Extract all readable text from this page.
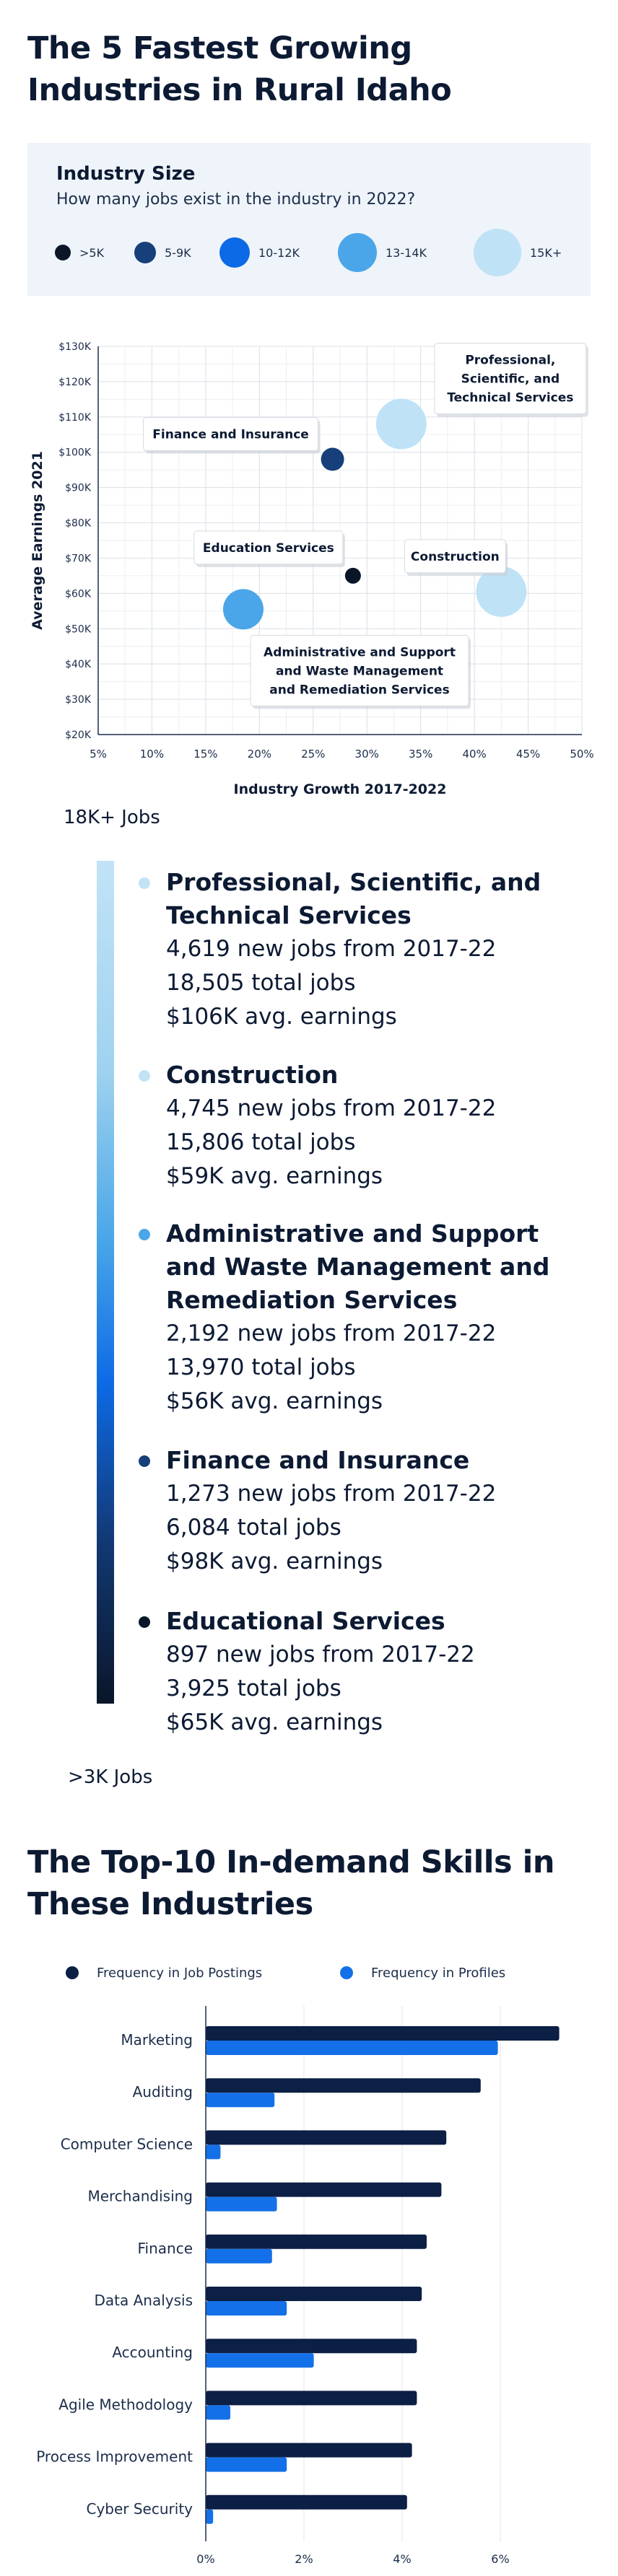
The 5 Fastest Growing
Industries in Rural Idaho
Industry Size
How many jobs exist in the industry in 2022?
>5K	5-9K	10-12K	13-14K	15K+
5%	10%	15%	20%	25%	30%	35%	40%	45%	50%
$20K
$30K
$40K
$50K
$60K
$70K
$80K
$90K
$100K
$110K
$120K
$130K
Industry Growth 2017-2022
Average Earnings 2021
Professional,
Scientific, and
Technical Services
Finance and Insurance
Education Services
Construction
Administrative and Support
and Waste Management
and Remediation Services
18K+ Jobs
>3K Jobs
Professional, Scientific, and
Technical Services
4,619 new jobs from 2017-22
18,505 total jobs
$106K avg. earnings
Construction
4,745 new jobs from 2017-22
15,806 total jobs
$59K avg. earnings
Administrative and Support
and Waste Management and
Remediation Services
2,192 new jobs from 2017-22
13,970 total jobs
$56K avg. earnings
Finance and Insurance
1,273 new jobs from 2017-22
6,084 total jobs
$98K avg. earnings
Educational Services
897 new jobs from 2017-22
3,925 total jobs
$65K avg. earnings
The Top-10 In-demand Skills in
These Industries
Frequency in Job Postings	Frequency in Profiles
0%	2%	4%	6%
Marketing
Auditing
Computer Science
Merchandising
Finance
Data Analysis
Accounting
Agile Methodology
Process Improvement
Cyber Security
